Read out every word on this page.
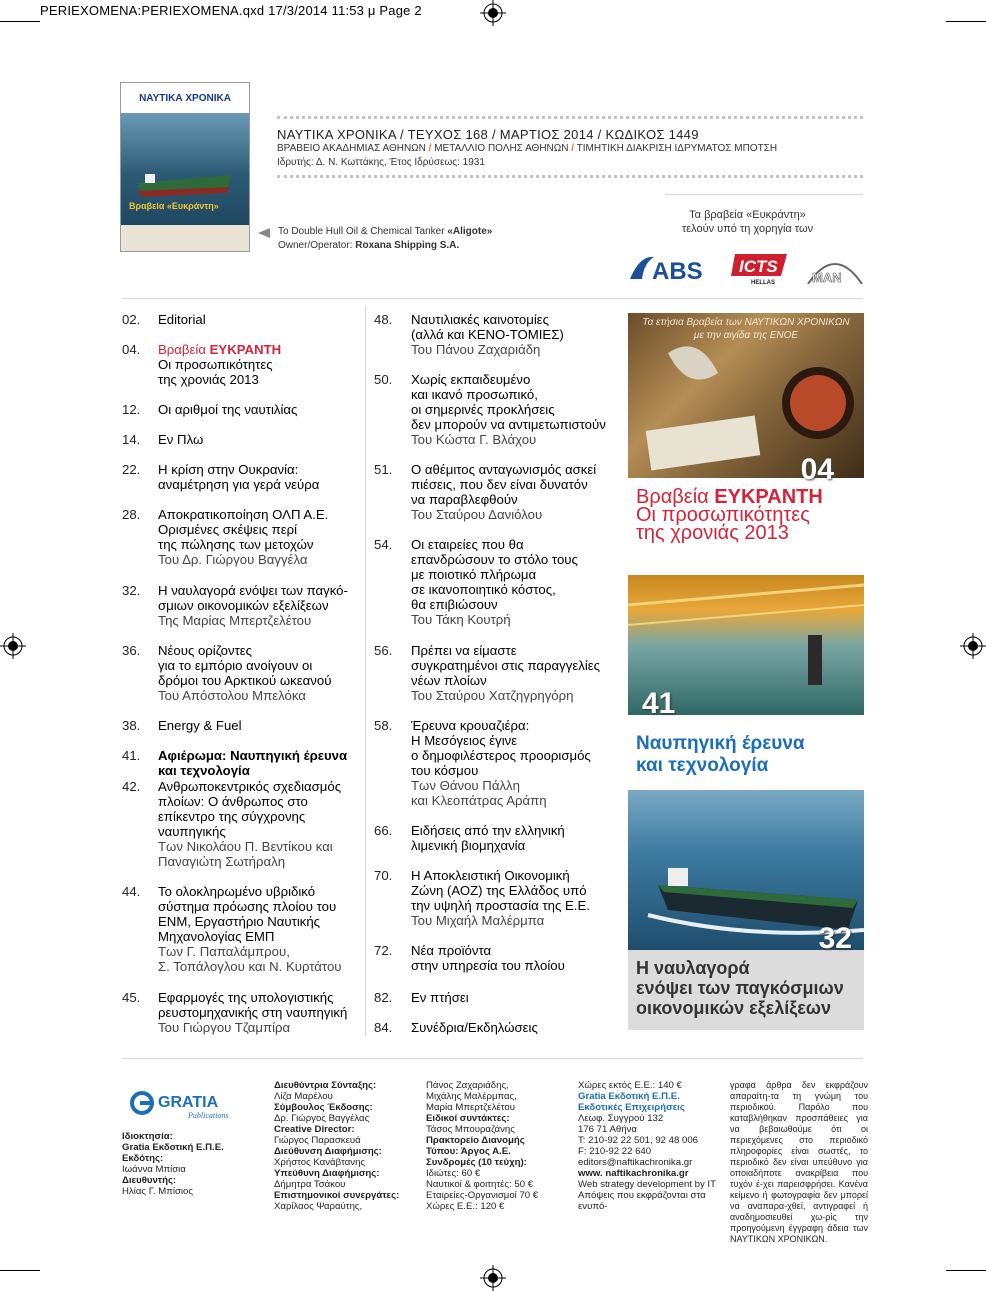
PERIEXOMENA:PERIEXOMENA.qxd 17/3/2014 11:53 μ Page 2
ΝΑΥΤΙΚΑ ΧΡΟΝΙΚΑ
Βραβεία «Ευκράντη»
ΝΑΥΤΙΚΑ ΧΡΟΝΙΚΑ / ΤΕΥΧΟΣ 168 / ΜΑΡΤΙΟΣ 2014 / ΚΩΔΙΚΟΣ 1449
ΒΡΑΒΕΙΟ ΑΚΑΔΗΜΙΑΣ ΑΘΗΝΩΝ / ΜΕΤΑΛΛΙΟ ΠΟΛΗΣ ΑΘΗΝΩΝ / ΤΙΜΗΤΙΚΗ ΔΙΑΚΡΙΣΗ ΙΔΡΥΜΑΤΟΣ ΜΠΟΤΣΗ
Ιδρυτής: Δ. Ν. Κωττάκης, Έτος Ιδρύσεως: 1931
To Double Hull Oil & Chemical Tanker «Aligote»
Owner/Operator: Roxana Shipping S.A.
Τα βραβεία «Ευκράντη»
τελούν υπό τη χορηγία των
ABS ICTS
HELLAS	MAN
02. Editorial
04. Βραβεία ΕΥΚΡΑΝΤΗ
Οι προσωπικότητες
της χρονιάς 2013
12. Οι αριθμοί της ναυτιλίας
14. Εν Πλω
22. Η κρίση στην Ουκρανία:
αναμέτρηση για γερά νεύρα
28. Αποκρατικοποίηση ΟΛΠ Α.Ε.
Ορισμένες σκέψεις περί
της πώλησης των μετοχών
Του Δρ. Γιώργου Βαγγέλα
32. Η ναυλαγορά ενόψει των παγκό-
σμιων οικονομικών εξελίξεων
Της Μαρίας Μπερτζελέτου
36. Νέους ορίζοντες
για το εμπόριο ανοίγουν οι
δρόμοι του Αρκτικού ωκεανού
Του Απόστολου Μπελόκα
38. Energy & Fuel
41. Αφιέρωμα: Ναυπηγική έρευνα
και τεχνολογία
42. Ανθρωποκεντρικός σχεδιασμός
πλοίων: Ο άνθρωπος στο
επίκεντρο της σύγχρονης
ναυπηγικής
Των Νικολάου Π. Βεντίκου και
Παναγιώτη Σωτήραλη
44. Το ολοκληρωμένο υβριδικό
σύστημα πρόωσης πλοίου του
ΕΝΜ, Εργαστήριο Ναυτικής
Μηχανολογίας ΕΜΠ
Των Γ. Παπαλάμπρου,
Σ. Τοπάλογλου και Ν. Κυρτάτου
45. Εφαρμογές της υπολογιστικής
ρευστομηχανικής στη ναυπηγική
Του Γιώργου Τζαμπίρα
48. Ναυτιλιακές καινοτομίες
(αλλά και ΚΕΝΟ-ΤΟΜΙΕΣ)
Του Πάνου Ζαχαριάδη
50. Χωρίς εκπαιδευμένο
και ικανό προσωπικό,
οι σημερινές προκλήσεις
δεν μπορούν να αντιμετωπιστούν
Του Κώστα Γ. Βλάχου
51. Ο αθέμιτος ανταγωνισμός ασκεί
πιέσεις, που δεν είναι δυνατόν
να παραβλεφθούν
Του Σταύρου Δανιόλου
54. Οι εταιρείες που θα
επανδρώσουν το στόλο τους
με ποιοτικό πλήρωμα
σε ικανοποιητικό κόστος,
θα επιβιώσουν
Του Τάκη Κουτρή
56. Πρέπει να είμαστε
συγκρατημένοι στις παραγγελίες
νέων πλοίων
Του Σταύρου Χατζηγρηγόρη
58. Έρευνα κρουαζιέρα:
Η Μεσόγειος έγινε
ο δημοφιλέστερος προορισμός
του κόσμου
Των Θάνου Πάλλη
και Κλεοπάτρας Αράπη
66. Ειδήσεις από την ελληνική
λιμενική βιομηχανία
70. Η Αποκλειστική Οικονομική
Ζώνη (ΑΟΖ) της Ελλάδος υπό
την υψηλή προστασία της Ε.Ε.
Του Μιχαήλ Μαλέρμπα
72. Νέα προϊόντα
στην υπηρεσία του πλοίου
82. Εν πτήσει
84. Συνέδρια/Εκδηλώσεις
Τα ετήσια Βραβεία των ΝΑΥΤΙΚΩΝ ΧΡΟΝΙΚΩΝ
με την αιγίδα της ΕΝΟΕ
04
Βραβεία ΕΥΚΡΑΝΤΗ
Οι προσωπικότητες
της χρονιάς 2013
41
Ναυπηγική έρευνα
και τεχνολογία
32
Η ναυλαγορά
ενόψει των παγκόσμιων
οικονομικών εξελίξεων
GRATIA
Publications
Ιδιοκτησία:
Gratia Εκδοτική Ε.Π.Ε.
Εκδότης:
Ιωάννα Μπίσια
Διευθυντής:
Ηλίας Γ. Μπίσιος
Διευθύντρια Σύνταξης:
Λίζα Μαρέλου
Σύμβουλος Έκδοσης:
Δρ. Γιώργος Βαγγέλας
Creative Director:
Γιώργος Παρασκευά
Διεύθυνση Διαφήμισης:
Χρήστος Κανάβτανης
Υπεύθυνη Διαφήμισης:
Δήμητρα Τσάκου
Επιστημονικοί συνεργάτες:
Χαρίλαος Ψαραύτης,
Πάνος Ζαχαριάδης,
Μιχάλης Μαλέρμπας,
Μαρία Μπερτζελέτου
Ειδικοί συντάκτες:
Τάσος Μπουραζάνης
Πρακτορείο Διανομής
Τύπου: Άργος Α.Ε.
Συνδρομές (10 τεύχη):
Ιδιώτες: 60 €
Ναυτικοί & φοιτητές: 50 €
Εταιρείες-Οργανισμοί 70 €
Χώρες Ε.Ε.: 120 €
Χώρες εκτός Ε.Ε.: 140 €
Gratia Εκδοτική Ε.Π.Ε.
Εκδοτικές Επιχειρήσεις
Λεωφ. Συγγρού 132
176 71 Αθήνα
T: 210-92 22 501, 92 48 006
F: 210-92 22 640
editors@naftikachronika.gr
www. naftikachronika.gr
Web strategy development by IT
Απόψεις που εκφράζονται στα ενυπό-
γραφα άρθρα δεν εκφράζουν απαραίτη-τα τη γνώμη του περιοδικού. Παρόλο που καταβλήθηκαν προσπάθειες για να βεβαιωθούμε ότι οι περιεχόμενες στο περιοδικό πληροφορίες είναι σωστές, το περιοδικό δεν είναι υπεύθυνο για οποιαδήποτε ανακρίβεια που τυχόν έ-χει παρεισφρήσει. Κανένα κείμενο ή φωτογραφία δεν μπορεί να αναπαρα-χθεί, αντιγραφεί ή αναδημοσιευθεί χω-ρίς την προηγούμενη έγγραφη άδεια των ΝΑΥΤΙΚΩΝ ΧΡΟΝΙΚΩΝ.
